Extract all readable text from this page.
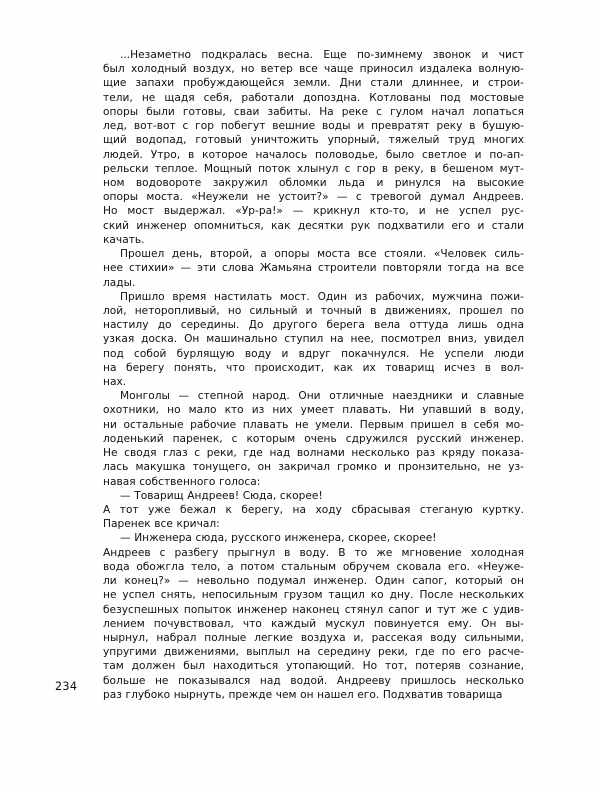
...Незаметно подкралась весна. Еще по-зимнему звонок и чист
был холодный воздух, но ветер все чаще приносил издалека волную-
щие запахи пробуждающейся земли. Дни стали длиннее, и строи-
тели, не щадя себя, работали допоздна. Котлованы под мостовые
опоры были готовы, сваи забиты. На реке с гулом начал лопаться
лед, вот-вот с гор побегут вешние воды и превратят реку в бушую-
щий водопад, готовый уничтожить упорный, тяжелый труд многих
людей. Утро, в которое началось половодье, было светлое и по-ап-
рельски теплое. Мощный поток хлынул с гор в реку, в бешеном мут-
ном водовороте закружил обломки льда и ринулся на высокие
опоры моста. «Неужели не устоит?» — с тревогой думал Андреев.
Но мост выдержал. «Ур-ра!» — крикнул кто-то, и не успел рус-
ский инженер опомниться, как десятки рук подхватили его и стали
качать.

Прошел день, второй, а опоры моста все стояли. «Человек силь-
нее стихии» — эти слова Жамьяна строители повторяли тогда на все
лады.

Пришло время настилать мост. Один из рабочих, мужчина пожи-
лой, неторопливый, но сильный и точный в движениях, прошел по
настилу до середины. До другого берега вела оттуда лишь одна
узкая доска. Он машинально ступил на нее, посмотрел вниз, увидел
под собой бурлящую воду и вдруг покачнулся. Не успели люди
на берегу понять, что происходит, как их товарищ исчез в вол-
нах.

Монголы — степной народ. Они отличные наездники и славные
охотники, но мало кто из них умеет плавать. Ни упавший в воду,
ни остальные рабочие плавать не умели. Первым пришел в себя мо-
лоденький паренек, с которым очень сдружился русский инженер.
Не сводя глаз с реки, где над волнами несколько раз кряду показа-
лась макушка тонущего, он закричал громко и пронзительно, не уз-
навая собственного голоса:

— Товарищ Андреев! Сюда, скорее!

А тот уже бежал к берегу, на ходу сбрасывая стеганую куртку.
Паренек все кричал:

— Инженера сюда, русского инженера, скорее, скорее!

Андреев с разбегу прыгнул в воду. В то же мгновение холодная
вода обожгла тело, а потом стальным обручем сковала его. «Неуже-
ли конец?» — невольно подумал инженер. Один сапог, который он
не успел снять, непосильным грузом тащил ко дну. После нескольких
безуспешных попыток инженер наконец стянул сапог и тут же с удив-
лением почувствовал, что каждый мускул повинуется ему. Он вы-
нырнул, набрал полные легкие воздуха и, рассекая воду сильными,
упругими движениями, выплыл на середину реки, где по его расче-
там должен был находиться утопающий. Но тот, потеряв сознание,
больше не показывался над водой. Андрееву пришлось несколько
раз глубоко нырнуть, прежде чем он нашел его. Подхватив товарища

234
